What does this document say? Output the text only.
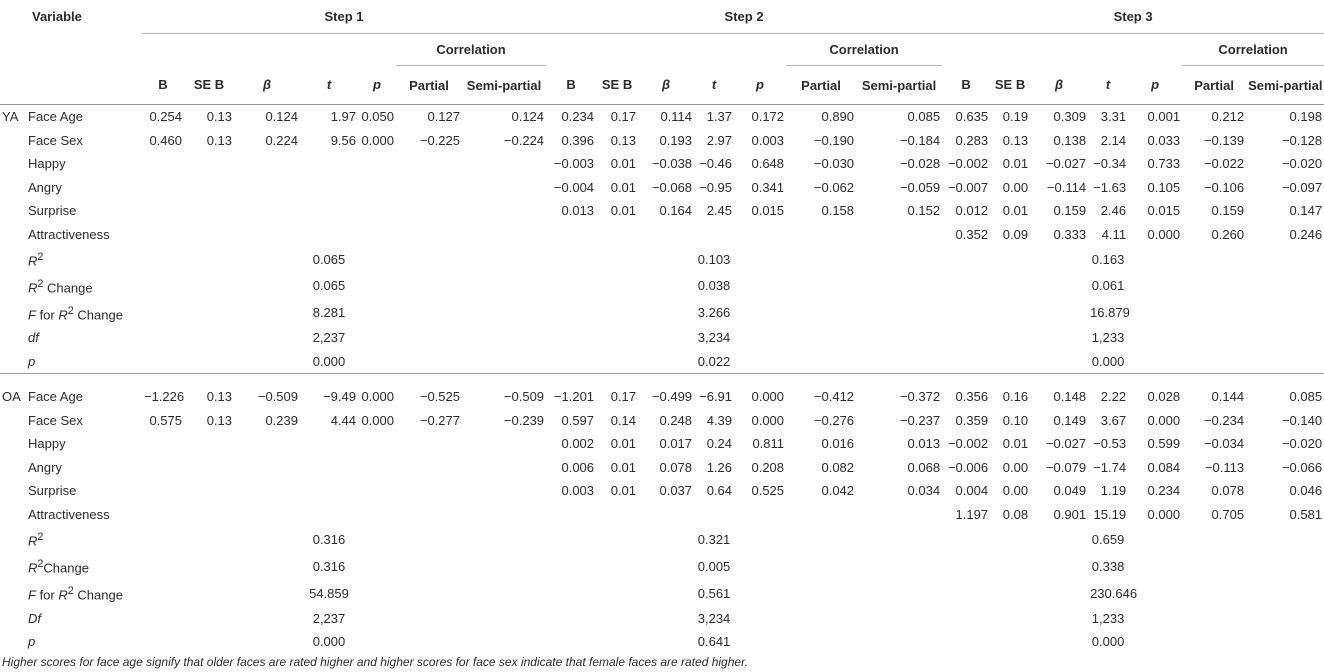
Variable		Step 1							Step 2							Step 3						
							Correlation							Correlation							Correlation	
		B	SE B	β	t	p	Partial	Semi-partial	B	SE B	β	t	p	Partial	Semi-partial	B	SE B	β	t	p	Partial	Semi-partial
YA	Face Age	0.254	0.13	0.124	1.97	0.050	0.127	0.124	0.234	0.17	0.114	1.37	0.172	0.890	0.085	0.635	0.19	0.309	3.31	0.001	0.212	0.198
	Face Sex	0.460	0.13	0.224	9.56	0.000	−0.225	−0.224	0.396	0.13	0.193	2.97	0.003	−0.190	−0.184	0.283	0.13	0.138	2.14	0.033	−0.139	−0.128
	Happy								−0.003	0.01	−0.038	−0.46	0.648	−0.030	−0.028	−0.002	0.01	−0.027	−0.34	0.733	−0.022	−0.020
	Angry								−0.004	0.01	−0.068	−0.95	0.341	−0.062	−0.059	−0.007	0.00	−0.114	−1.63	0.105	−0.106	−0.097
	Surprise								0.013	0.01	0.164	2.45	0.015	0.158	0.152	0.012	0.01	0.159	2.46	0.015	0.159	0.147
	Attractiveness															0.352	0.09	0.333	4.11	0.000	0.260	0.246
	$R^2$				0.065							0.103							0.163			
	$R^2$ Change				0.065							0.038							0.061			
	F for $R^2$ Change				8.281							3.266							16.879			
	df				2,237							3,234							1,233			
	p				0.000							0.022							0.000			

OA	Face Age	−1.226	0.13	−0.509	−9.49	0.000	−0.525	−0.509	−1.201	0.17	−0.499	−6.91	0.000	−0.412	−0.372	0.356	0.16	0.148	2.22	0.028	0.144	0.085
	Face Sex	0.575	0.13	0.239	4.44	0.000	−0.277	−0.239	0.597	0.14	0.248	4.39	0.000	−0.276	−0.237	0.359	0.10	0.149	3.67	0.000	−0.234	−0.140
	Happy								0.002	0.01	0.017	0.24	0.811	0.016	0.013	−0.002	0.01	−0.027	−0.53	0.599	−0.034	−0.020
	Angry								0.006	0.01	0.078	1.26	0.208	0.082	0.068	−0.006	0.00	−0.079	−1.74	0.084	−0.113	−0.066
	Surprise								0.003	0.01	0.037	0.64	0.525	0.042	0.034	0.004	0.00	0.049	1.19	0.234	0.078	0.046
	Attractiveness															1.197	0.08	0.901	15.19	0.000	0.705	0.581
	$R^2$				0.316							0.321							0.659			
	$R^2Change$				0.316							0.005							0.338			
	F for $R^2$ Change				54.859							0.561							230.646			
	Df				2,237							3,234							1,233			
	p				0.000							0.641							0.000			
Higher scores for face age signify that older faces are rated higher and higher scores for face sex indicate that female faces are rated higher.
